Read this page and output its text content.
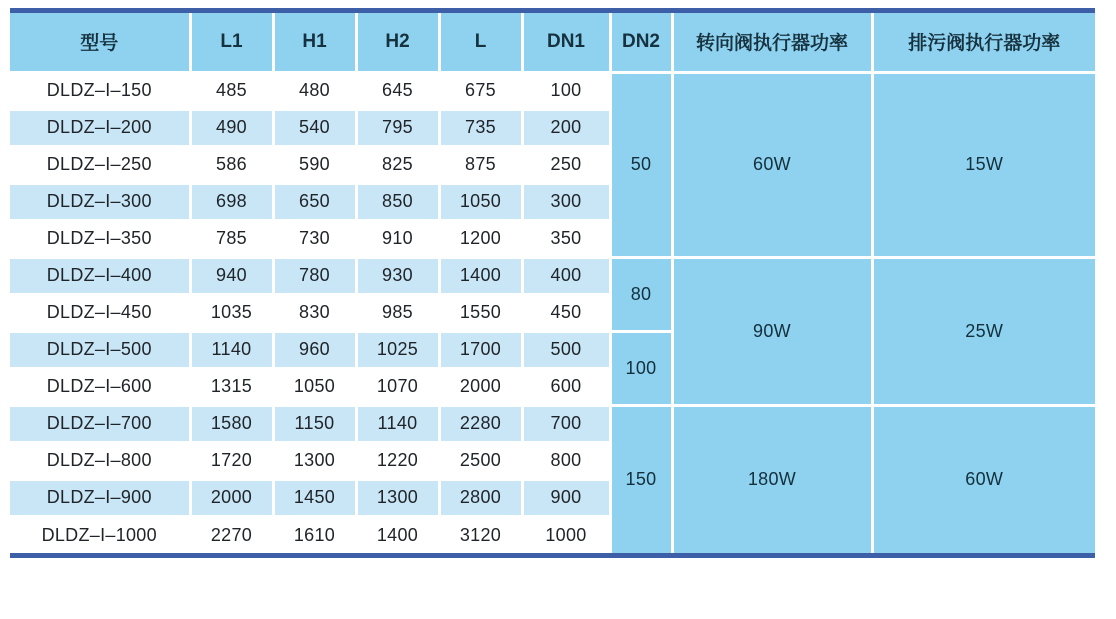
型号	L1	H1	H2	L	DN1	DN2	转向阀执行器功率	排污阀执行器功率
DLDZ–I–150	485	480	645	675	100	50	60W	15W
DLDZ–I–200	490	540	795	735	200			
DLDZ–I–250	586	590	825	875	250			
DLDZ–I–300	698	650	850	1050	300			
DLDZ–I–350	785	730	910	1200	350			
DLDZ–I–400	940	780	930	1400	400	80	90W	25W
DLDZ–I–450	1035	830	985	1550	450			
DLDZ–I–500	1140	960	1025	1700	500	100		
DLDZ–I–600	1315	1050	1070	2000	600			
DLDZ–I–700	1580	1150	1140	2280	700	150	180W	60W
DLDZ–I–800	1720	1300	1220	2500	800			
DLDZ–I–900	2000	1450	1300	2800	900			
DLDZ–I–1000	2270	1610	1400	3120	1000			
